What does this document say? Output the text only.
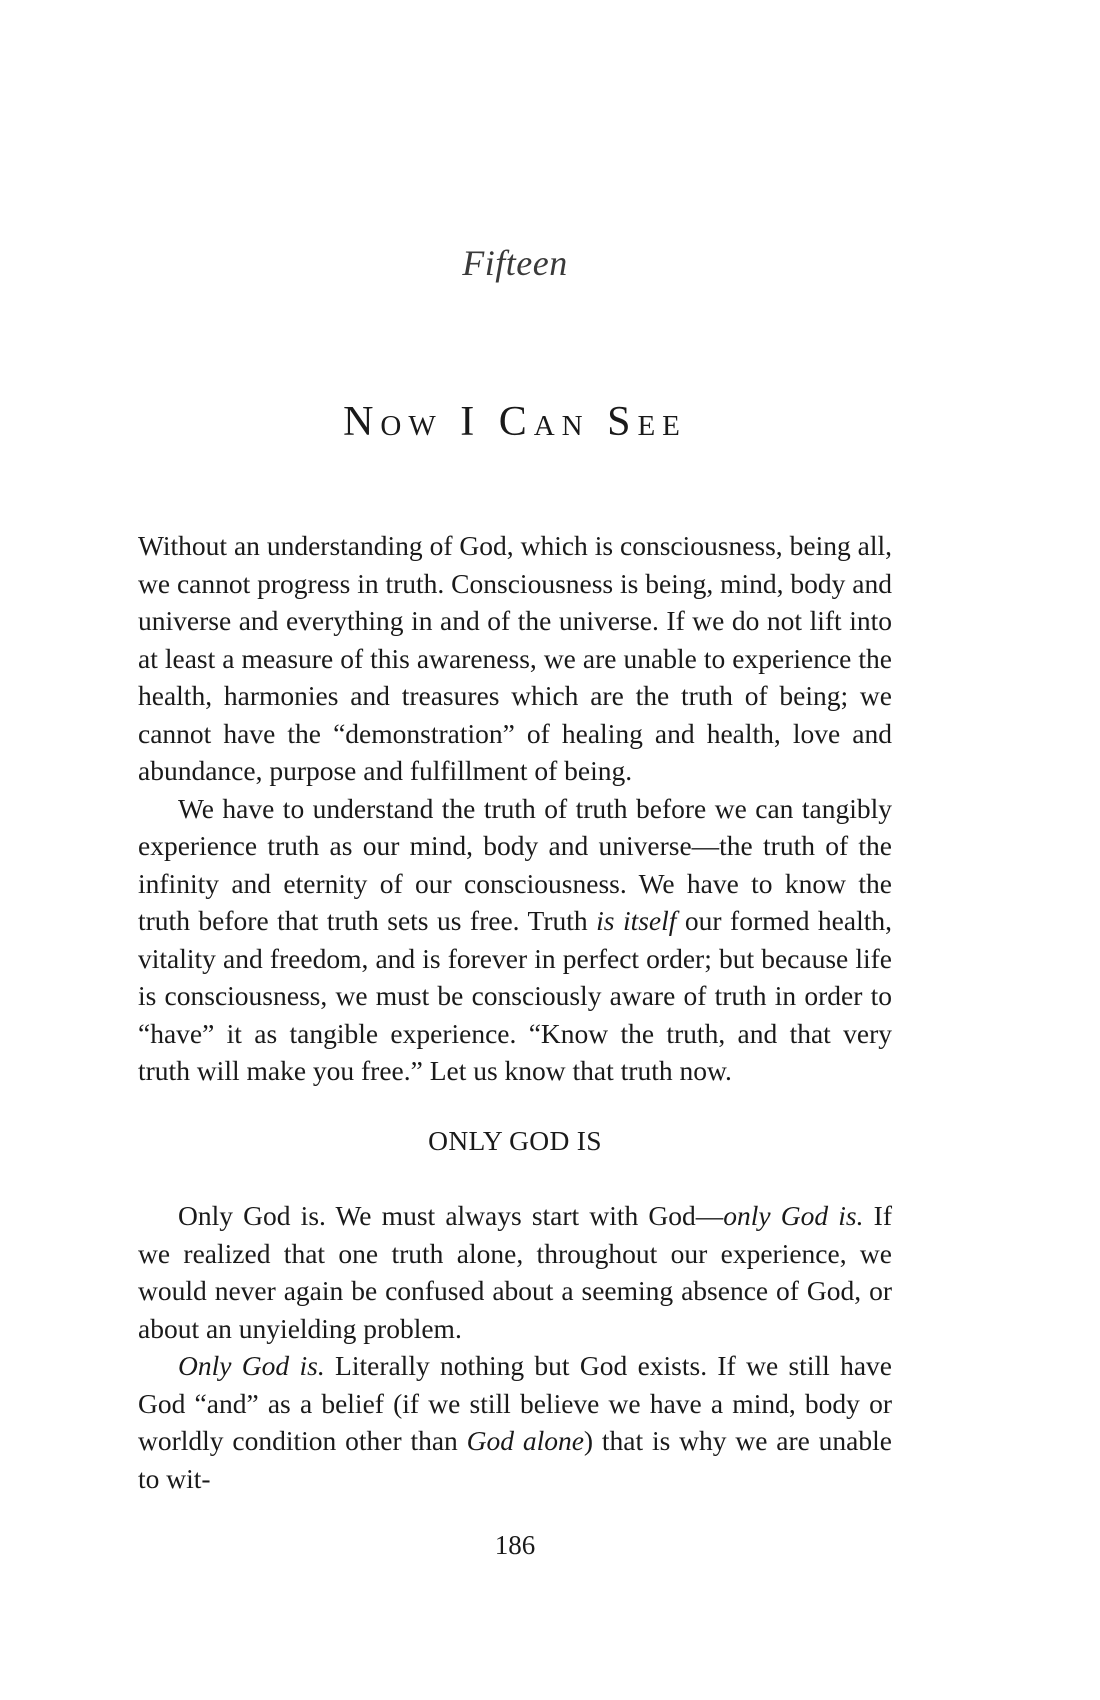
Fifteen
Now I Can See

Without an understanding of God, which is consciousness, being all, we cannot progress in truth. Consciousness is being, mind, body and universe and everything in and of the universe. If we do not lift into at least a measure of this awareness, we are unable to experience the health, harmonies and treasures which are the truth of being; we cannot have the “demonstration” of healing and health, love and abundance, purpose and fulfillment of being.

We have to understand the truth of truth before we can tangibly experience truth as our mind, body and universe—the truth of the infinity and eternity of our consciousness. We have to know the truth before that truth sets us free. Truth is itself our formed health, vitality and freedom, and is forever in perfect order; but because life is consciousness, we must be consciously aware of truth in order to “have” it as tangible experience. “Know the truth, and that very truth will make you free.” Let us know that truth now.

ONLY GOD IS

Only God is. We must always start with God—only God is. If we realized that one truth alone, throughout our experience, we would never again be confused about a seeming absence of God, or about an unyielding problem.

Only God is. Literally nothing but God exists. If we still have God “and” as a belief (if we still believe we have a mind, body or worldly condition other than God alone) that is why we are unable to wit-

186
